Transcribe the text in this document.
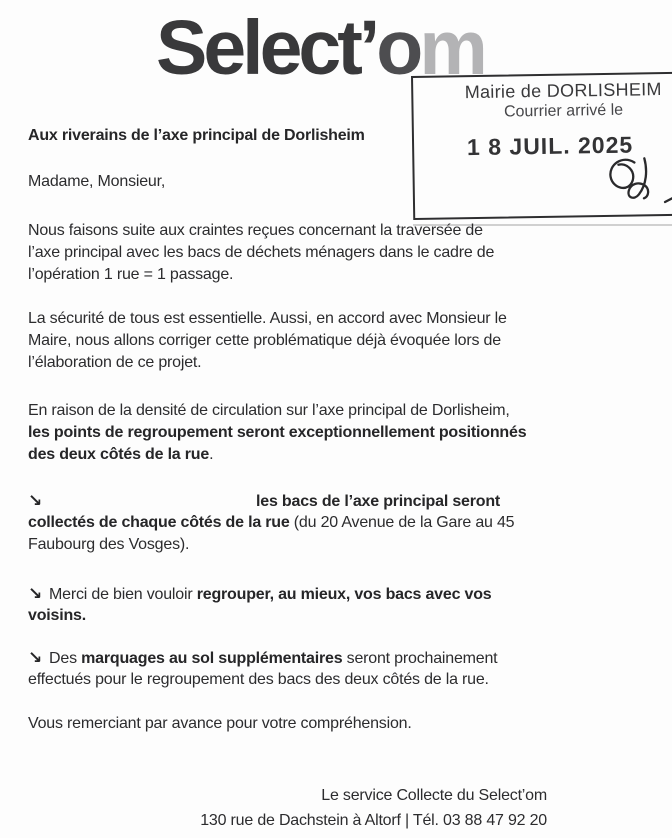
Select’om
Mairie de DORLISHEIM
Courrier arrivé le
1 8 JUIL. 2025
Aux riverains de l’axe principal de Dorlisheim
Madame, Monsieur,
Nous faisons suite aux craintes reçues concernant la traversée de
l’axe principal avec les bacs de déchets ménagers dans le cadre de
l’opération 1 rue = 1 passage.
La sécurité de tous est essentielle. Aussi, en accord avec Monsieur le
Maire, nous allons corriger cette problématique déjà évoquée lors de
l’élaboration de ce projet.
En raison de la densité de circulation sur l’axe principal de Dorlisheim,
les points de regroupement seront exceptionnellement positionnés
des deux côtés de la rue.
↘	les bacs de l’axe principal seront
collectés de chaque côtés de la rue (du 20 Avenue de la Gare au 45
Faubourg des Vosges).
↘ Merci de bien vouloir regrouper, au mieux, vos bacs avec vos
voisins.
↘ Des marquages au sol supplémentaires seront prochainement
effectués pour le regroupement des bacs des deux côtés de la rue.
Vous remerciant par avance pour votre compréhension.
Le service Collecte du Select’om
130 rue de Dachstein à Altorf | Tél. 03 88 47 92 20
